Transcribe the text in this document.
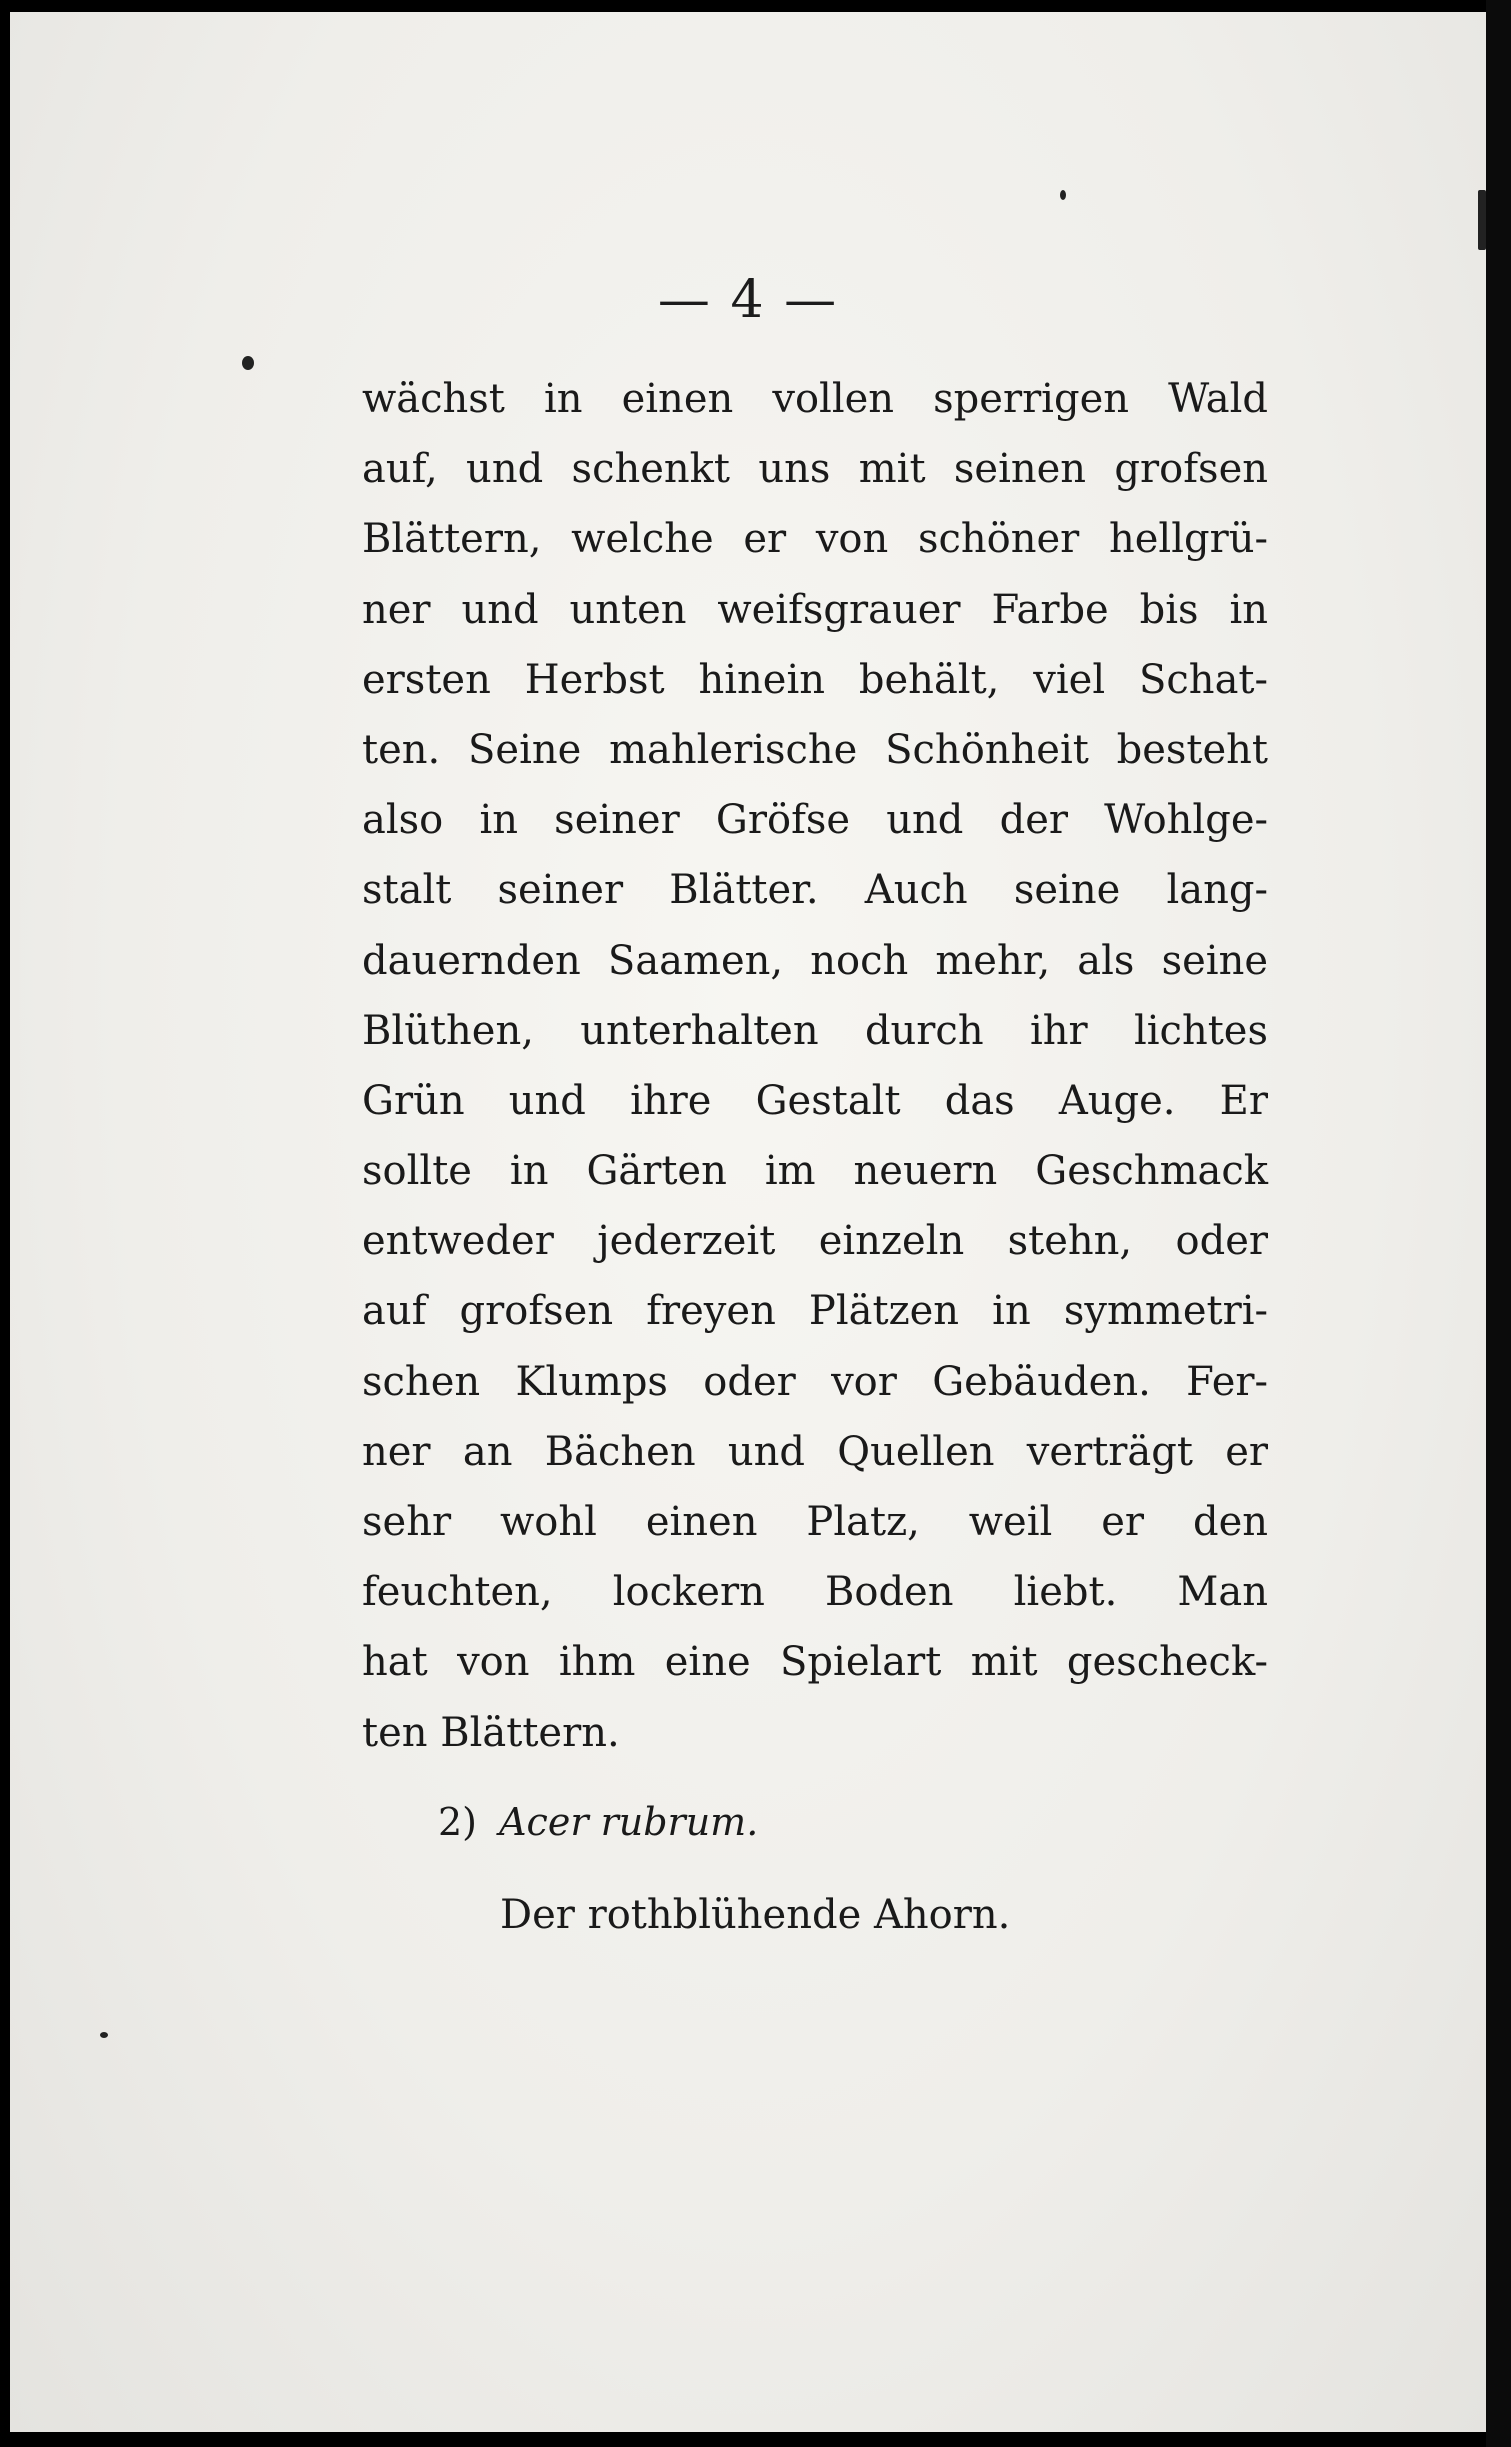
— 4 —
wächst in einen vollen sperrigen Wald
auf, und schenkt uns mit seinen grofsen
Blättern, welche er von schöner hellgrü-
ner und unten weifsgrauer Farbe bis in
ersten Herbst hinein behält, viel Schat-
ten. Seine mahlerische Schönheit besteht
also in seiner Gröfse und der Wohlge-
stalt seiner Blätter. Auch seine lang-
dauernden Saamen, noch mehr, als seine
Blüthen, unterhalten durch ihr lichtes
Grün und ihre Gestalt das Auge. Er
sollte in Gärten im neuern Geschmack
entweder jederzeit einzeln stehn, oder
auf grofsen freyen Plätzen in symmetri-
schen Klumps oder vor Gebäuden. Fer-
ner an Bächen und Quellen verträgt er
sehr wohl einen Platz, weil er den
feuchten, lockern Boden liebt. Man
hat von ihm eine Spielart mit gescheck-
ten Blättern.
2) Acer rubrum.
Der rothblühende Ahorn.
